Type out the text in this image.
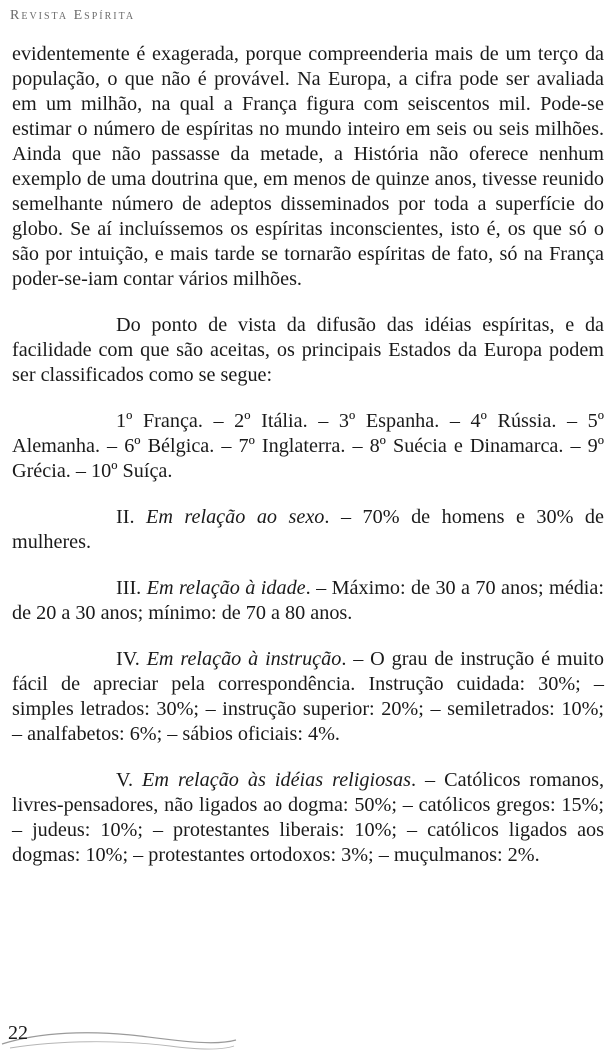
Revista Espírita

evidentemente é exagerada, porque compreenderia mais de um terço da população, o que não é provável. Na Europa, a cifra pode ser avaliada em um milhão, na qual a França figura com seiscentos mil. Pode-se estimar o número de espíritas no mundo inteiro em seis ou seis milhões. Ainda que não passasse da metade, a História não oferece nenhum exemplo de uma doutrina que, em menos de quinze anos, tivesse reunido semelhante número de adeptos disseminados por toda a superfície do globo. Se aí incluíssemos os espíritas inconscientes, isto é, os que só o são por intuição, e mais tarde se tornarão espíritas de fato, só na França poder-se-iam contar vários milhões.

Do ponto de vista da difusão das idéias espíritas, e da facilidade com que são aceitas, os principais Estados da Europa podem ser classificados como se segue:

1º França. – 2º Itália. – 3º Espanha. – 4º Rússia. – 5º Alemanha. – 6º Bélgica. – 7º Inglaterra. – 8º Suécia e Dinamarca. – 9º Grécia. – 10º Suíça.

II. Em relação ao sexo. – 70% de homens e 30% de mulheres.

III. Em relação à idade. – Máximo: de 30 a 70 anos; média: de 20 a 30 anos; mínimo: de 70 a 80 anos.

IV. Em relação à instrução. – O grau de instrução é muito fácil de apreciar pela correspondência. Instrução cuidada: 30%; – simples letrados: 30%; – instrução superior: 20%; – semiletrados: 10%; – analfabetos: 6%; – sábios oficiais: 4%.

V. Em relação às idéias religiosas. – Católicos romanos, livres-pensadores, não ligados ao dogma: 50%; – católicos gregos: 15%; – judeus: 10%; – protestantes liberais: 10%; – católicos ligados aos dogmas: 10%; – protestantes ortodoxos: 3%; – muçulmanos: 2%.

22
